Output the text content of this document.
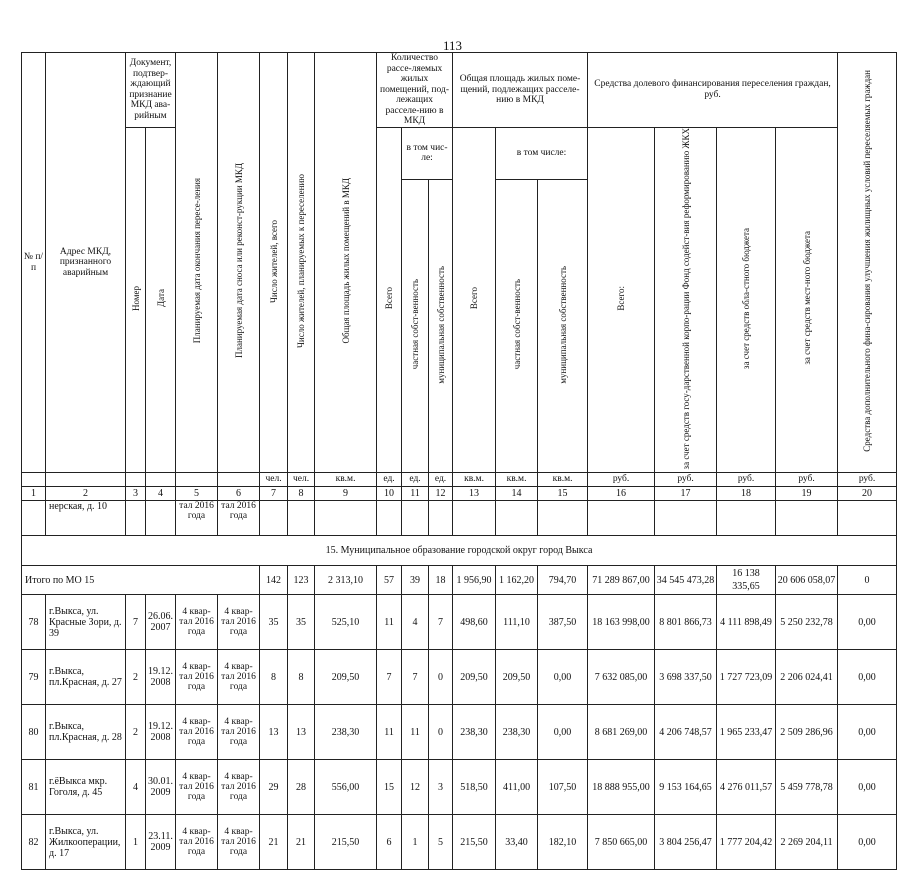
113
№ п/п	Адрес МКД, признанного аварийным	Документ, подтвер-ждающий признание МКД ава-рийным		Планируемая дата окончания пересе-ления	Планируемая дата сноса или реконст-рукции МКД	Число жителей, всего	Число жителей, планируемых к переселению	Общая площадь жилых помещений в МКД	Количество рассе-ляемых жилых помещений, под-лежащих расселе-нию в МКД			Общая площадь жилых поме-щений, подлежащих расселе-нию в МКД			Средства долевого финансирования переселения граждан, руб.				Средства дополнительного фина-сирования улучшения жилищных условий переселяемых граждан
		Номер	Дата						Всего	в том чис-ле:		Всего	в том числе:		Всего:	за счет средств госу-дарственной корпо-рации Фонд содейст-вия реформированию ЖКХ	за счет средств обла-стного бюджета	за счет средств мест-ного бюджета	
										частная собст-венность	муниципальная собственность		частная собст-венность	муниципальная собственность					
						чел.	чел.	кв.м.	ед.	ед.	ед.	кв.м.	кв.м.	кв.м.	руб.	руб.	руб.	руб.	руб.
1	2	3	4	5	6	7	8	9	10	11	12	13	14	15	16	17	18	19	20
	нерская, д. 10			тал 2016 года	тал 2016 года														
15. Муниципальное образование городской округ город Выкса																			
Итого по МО 15						142	123	2 313,10	57	39	18	1 956,90	1 162,20	794,70	71 289 867,00	34 545 473,28	16 138 335,65	20 606 058,07	0
78	г.Выкса, ул. Красные Зори, д. 39	7	26.06. 2007	4 квар-тал 2016 года	4 квар-тал 2016 года	35	35	525,10	11	4	7	498,60	111,10	387,50	18 163 998,00	8 801 866,73	4 111 898,49	5 250 232,78	0,00
79	г.Выкса, пл.Красная, д. 27	2	19.12. 2008	4 квар-тал 2016 года	4 квар-тал 2016 года	8	8	209,50	7	7	0	209,50	209,50	0,00	7 632 085,00	3 698 337,50	1 727 723,09	2 206 024,41	0,00
80	г.Выкса, пл.Красная, д. 28	2	19.12. 2008	4 квар-тал 2016 года	4 квар-тал 2016 года	13	13	238,30	11	11	0	238,30	238,30	0,00	8 681 269,00	4 206 748,57	1 965 233,47	2 509 286,96	0,00
81	г.ёВыкса мкр. Гоголя, д. 45	4	30.01. 2009	4 квар-тал 2016 года	4 квар-тал 2016 года	29	28	556,00	15	12	3	518,50	411,00	107,50	18 888 955,00	9 153 164,65	4 276 011,57	5 459 778,78	0,00
82	г.Выкса, ул. Жилкооперации, д. 17	1	23.11. 2009	4 квар-тал 2016 года	4 квар-тал 2016 года	21	21	215,50	6	1	5	215,50	33,40	182,10	7 850 665,00	3 804 256,47	1 777 204,42	2 269 204,11	0,00
